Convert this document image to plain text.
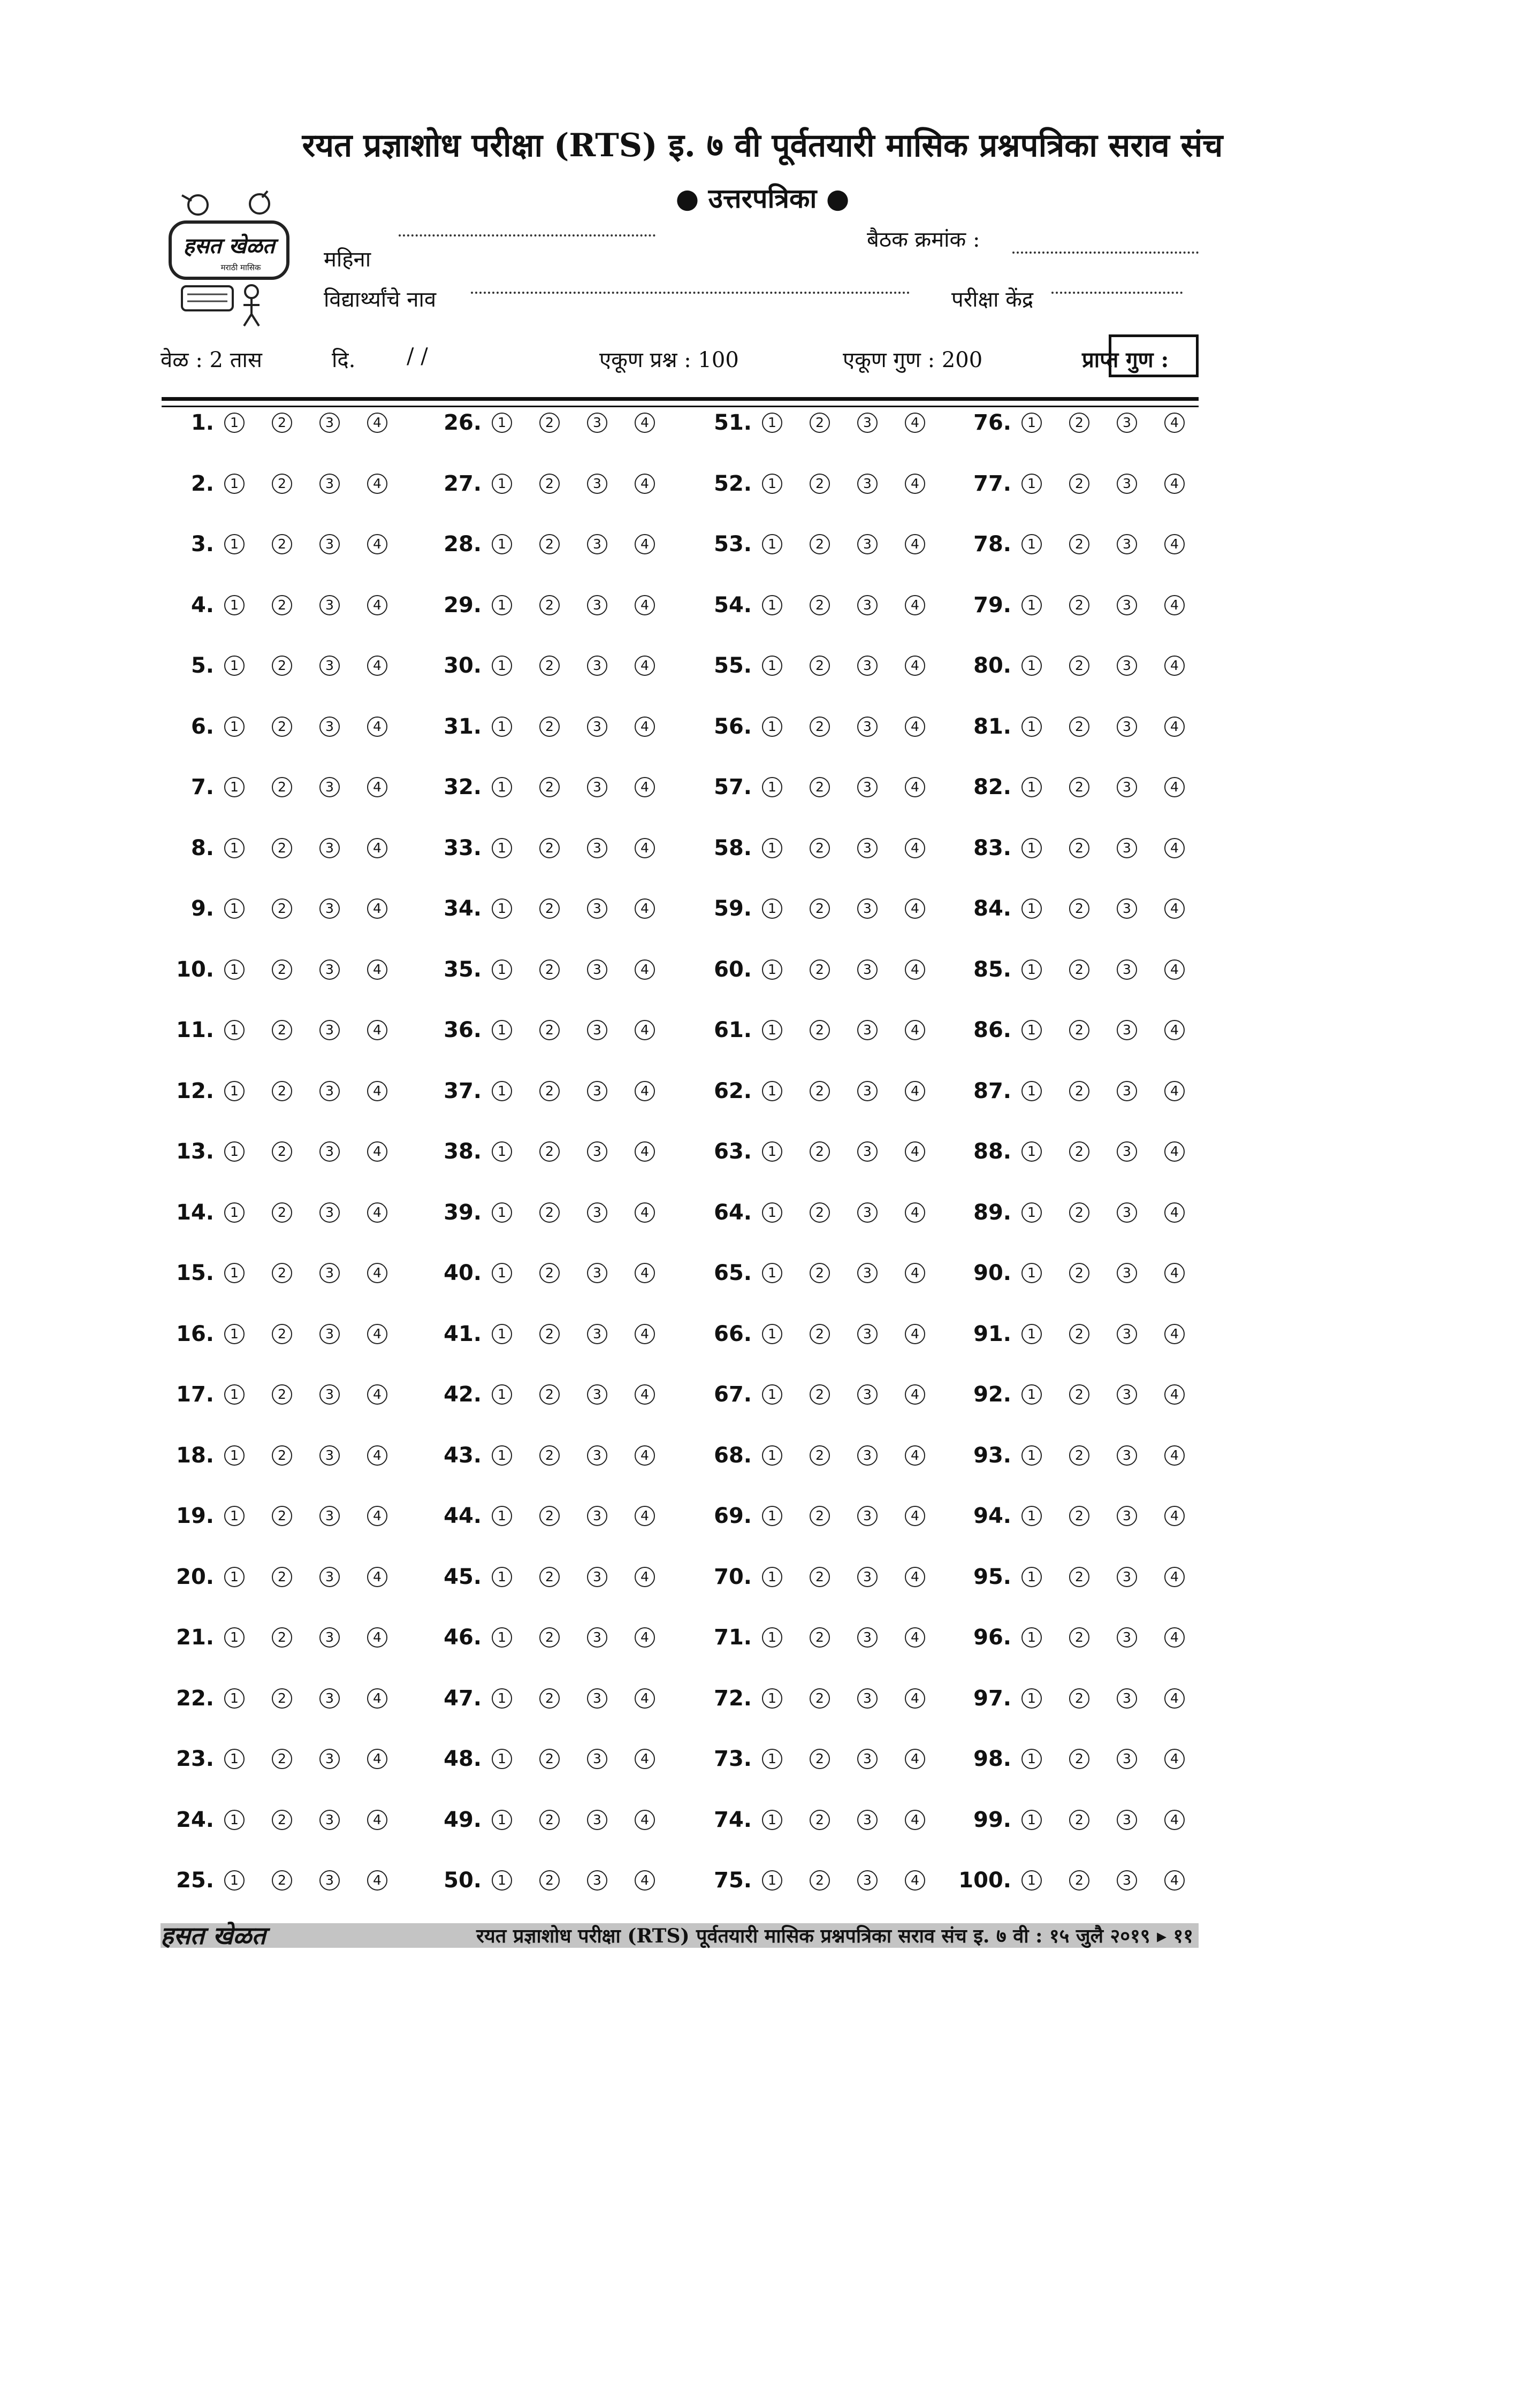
रयत प्रज्ञाशोध परीक्षा (RTS) इ. ७ वी पूर्वतयारी मासिक प्रश्नपत्रिका सराव संच
● उत्तरपत्रिका ●
हसत खेळत
मराठी मासिक	महिना
बैठक क्रमांक :
विद्यार्थ्यांचे नाव	परीक्षा केंद्र
वेळ : 2 तास	दि. / /	एकूण प्रश्न : 100	एकूण गुण : 200	प्राप्त गुण :
1.	1	2	3	4
2.	1	2	3	4
3.	1	2	3	4
4.	1	2	3	4
5.	1	2	3	4
6.	1	2	3	4
7.	1	2	3	4
8.	1	2	3	4
9.	1	2	3	4
10.	1	2	3	4
11.	1	2	3	4
12.	1	2	3	4
13.	1	2	3	4
14.	1	2	3	4
15.	1	2	3	4
16.	1	2	3	4
17.	1	2	3	4
18.	1	2	3	4
19.	1	2	3	4
20.	1	2	3	4
21.	1	2	3	4
22.	1	2	3	4
23.	1	2	3	4
24.	1	2	3	4
25.	1	2	3	4
26.	1	2	3	4
27.	1	2	3	4
28.	1	2	3	4
29.	1	2	3	4
30.	1	2	3	4
31.	1	2	3	4
32.	1	2	3	4
33.	1	2	3	4
34.	1	2	3	4
35.	1	2	3	4
36.	1	2	3	4
37.	1	2	3	4
38.	1	2	3	4
39.	1	2	3	4
40.	1	2	3	4
41.	1	2	3	4
42.	1	2	3	4
43.	1	2	3	4
44.	1	2	3	4
45.	1	2	3	4
46.	1	2	3	4
47.	1	2	3	4
48.	1	2	3	4
49.	1	2	3	4
50.	1	2	3	4
51.	1	2	3	4
52.	1	2	3	4
53.	1	2	3	4
54.	1	2	3	4
55.	1	2	3	4
56.	1	2	3	4
57.	1	2	3	4
58.	1	2	3	4
59.	1	2	3	4
60.	1	2	3	4
61.	1	2	3	4
62.	1	2	3	4
63.	1	2	3	4
64.	1	2	3	4
65.	1	2	3	4
66.	1	2	3	4
67.	1	2	3	4
68.	1	2	3	4
69.	1	2	3	4
70.	1	2	3	4
71.	1	2	3	4
72.	1	2	3	4
73.	1	2	3	4
74.	1	2	3	4
75.	1	2	3	4
76.	1	2	3	4
77.	1	2	3	4
78.	1	2	3	4
79.	1	2	3	4
80.	1	2	3	4
81.	1	2	3	4
82.	1	2	3	4
83.	1	2	3	4
84.	1	2	3	4
85.	1	2	3	4
86.	1	2	3	4
87.	1	2	3	4
88.	1	2	3	4
89.	1	2	3	4
90.	1	2	3	4
91.	1	2	3	4
92.	1	2	3	4
93.	1	2	3	4
94.	1	2	3	4
95.	1	2	3	4
96.	1	2	3	4
97.	1	2	3	4
98.	1	2	3	4
99.	1	2	3	4
100.	1	2	3	4
हसत खेळत	रयत प्रज्ञाशोध परीक्षा (RTS) पूर्वतयारी मासिक प्रश्नपत्रिका सराव संच इ. ७ वी : १५ जुलै २०१९ ▸ ११
